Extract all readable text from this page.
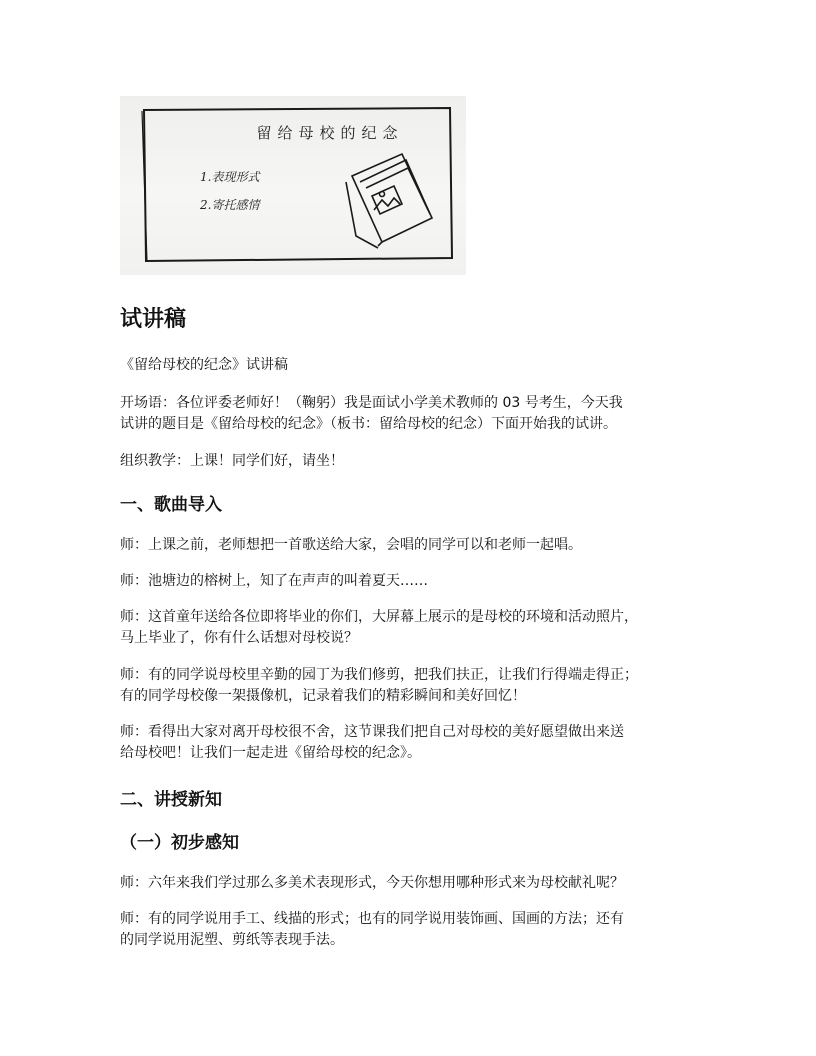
留给母校的纪念
1.表现形式
2.寄托感情
试讲稿

《留给母校的纪念》试讲稿

开场语：各位评委老师好！（鞠躬）我是面试小学美术教师的 03 号考生，今天我

试讲的题目是《留给母校的纪念》（板书：留给母校的纪念）下面开始我的试讲。

组织教学：上课！同学们好，请坐！

一、歌曲导入

师：上课之前，老师想把一首歌送给大家，会唱的同学可以和老师一起唱。

师：池塘边的榕树上，知了在声声的叫着夏天……

师：这首童年送给各位即将毕业的你们，大屏幕上展示的是母校的环境和活动照片，

马上毕业了，你有什么话想对母校说？

师：有的同学说母校里辛勤的园丁为我们修剪，把我们扶正，让我们行得端走得正；

有的同学母校像一架摄像机，记录着我们的精彩瞬间和美好回忆！

师：看得出大家对离开母校很不舍，这节课我们把自己对母校的美好愿望做出来送

给母校吧！让我们一起走进《留给母校的纪念》。

二、讲授新知
（一）初步感知

师：六年来我们学过那么多美术表现形式，今天你想用哪种形式来为母校献礼呢？

师：有的同学说用手工、线描的形式；也有的同学说用装饰画、国画的方法；还有

的同学说用泥塑、剪纸等表现手法。
